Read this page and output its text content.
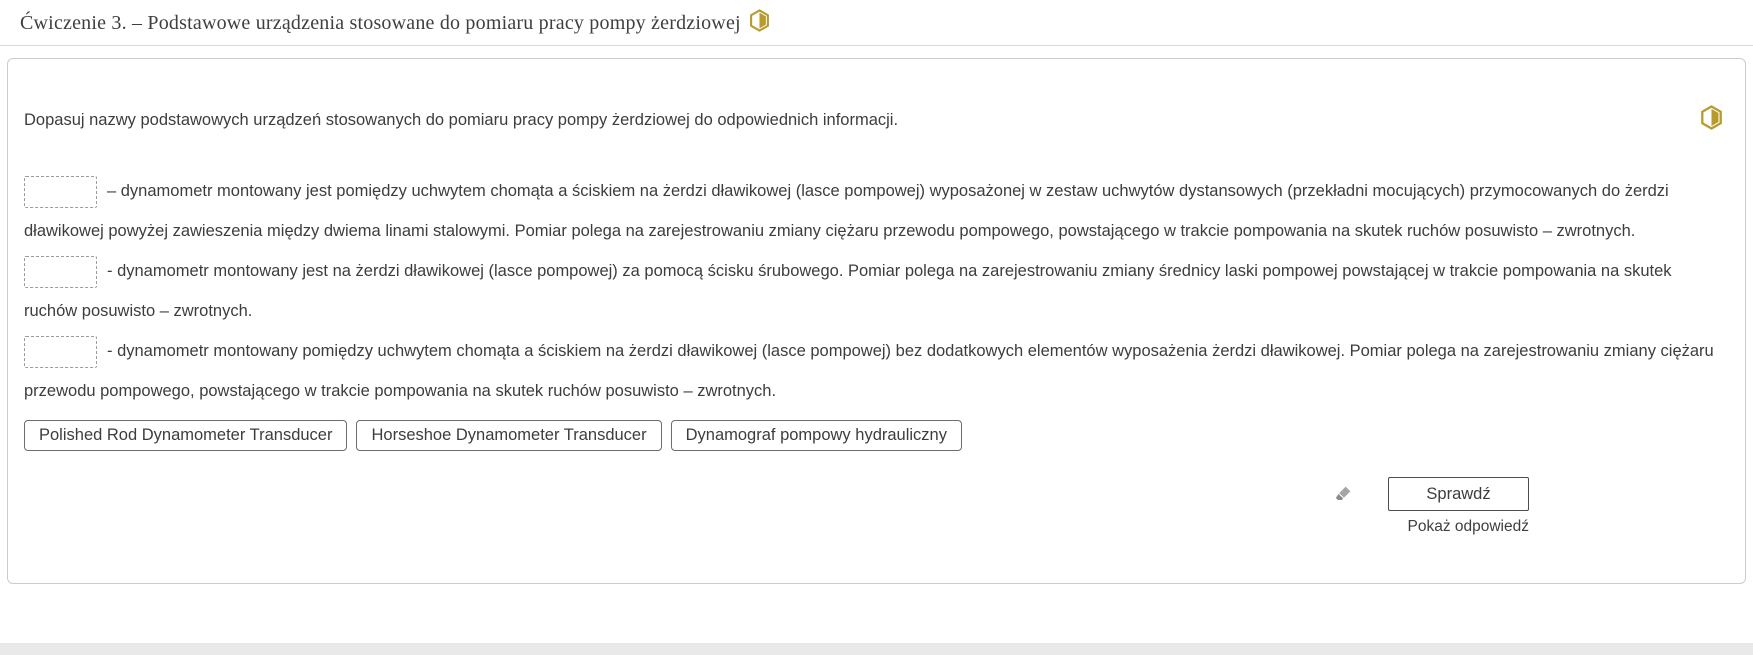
Ćwiczenie 3. – Podstawowe urządzenia stosowane do pomiaru pracy pompy żerdziowej
Dopasuj nazwy podstawowych urządzeń stosowanych do pomiaru pracy pompy żerdziowej do odpowiednich informacji.

– dynamometr montowany jest pomiędzy uchwytem chomąta a ściskiem na żerdzi dławikowej (lasce pompowej) wyposażonej w zestaw uchwytów dystansowych (przekładni mocujących) przymocowanych do żerdzi dławikowej powyżej zawieszenia między dwiema linami stalowymi. Pomiar polega na zarejestrowaniu zmiany ciężaru przewodu pompowego, powstającego w trakcie pompowania na skutek ruchów posuwisto – zwrotnych.

- dynamometr montowany jest na żerdzi dławikowej (lasce pompowej) za pomocą ścisku śrubowego. Pomiar polega na zarejestrowaniu zmiany średnicy laski pompowej powstającej w trakcie pompowania na skutek ruchów posuwisto – zwrotnych.

- dynamometr montowany pomiędzy uchwytem chomąta a ściskiem na żerdzi dławikowej (lasce pompowej) bez dodatkowych elementów wyposażenia żerdzi dławikowej. Pomiar polega na zarejestrowaniu zmiany ciężaru przewodu pompowego, powstającego w trakcie pompowania na skutek ruchów posuwisto – zwrotnych.

Polished Rod Dynamometer Transducer	Horseshoe Dynamometer Transducer	Dynamograf pompowy hydrauliczny
Sprawdź
Pokaż odpowiedź
